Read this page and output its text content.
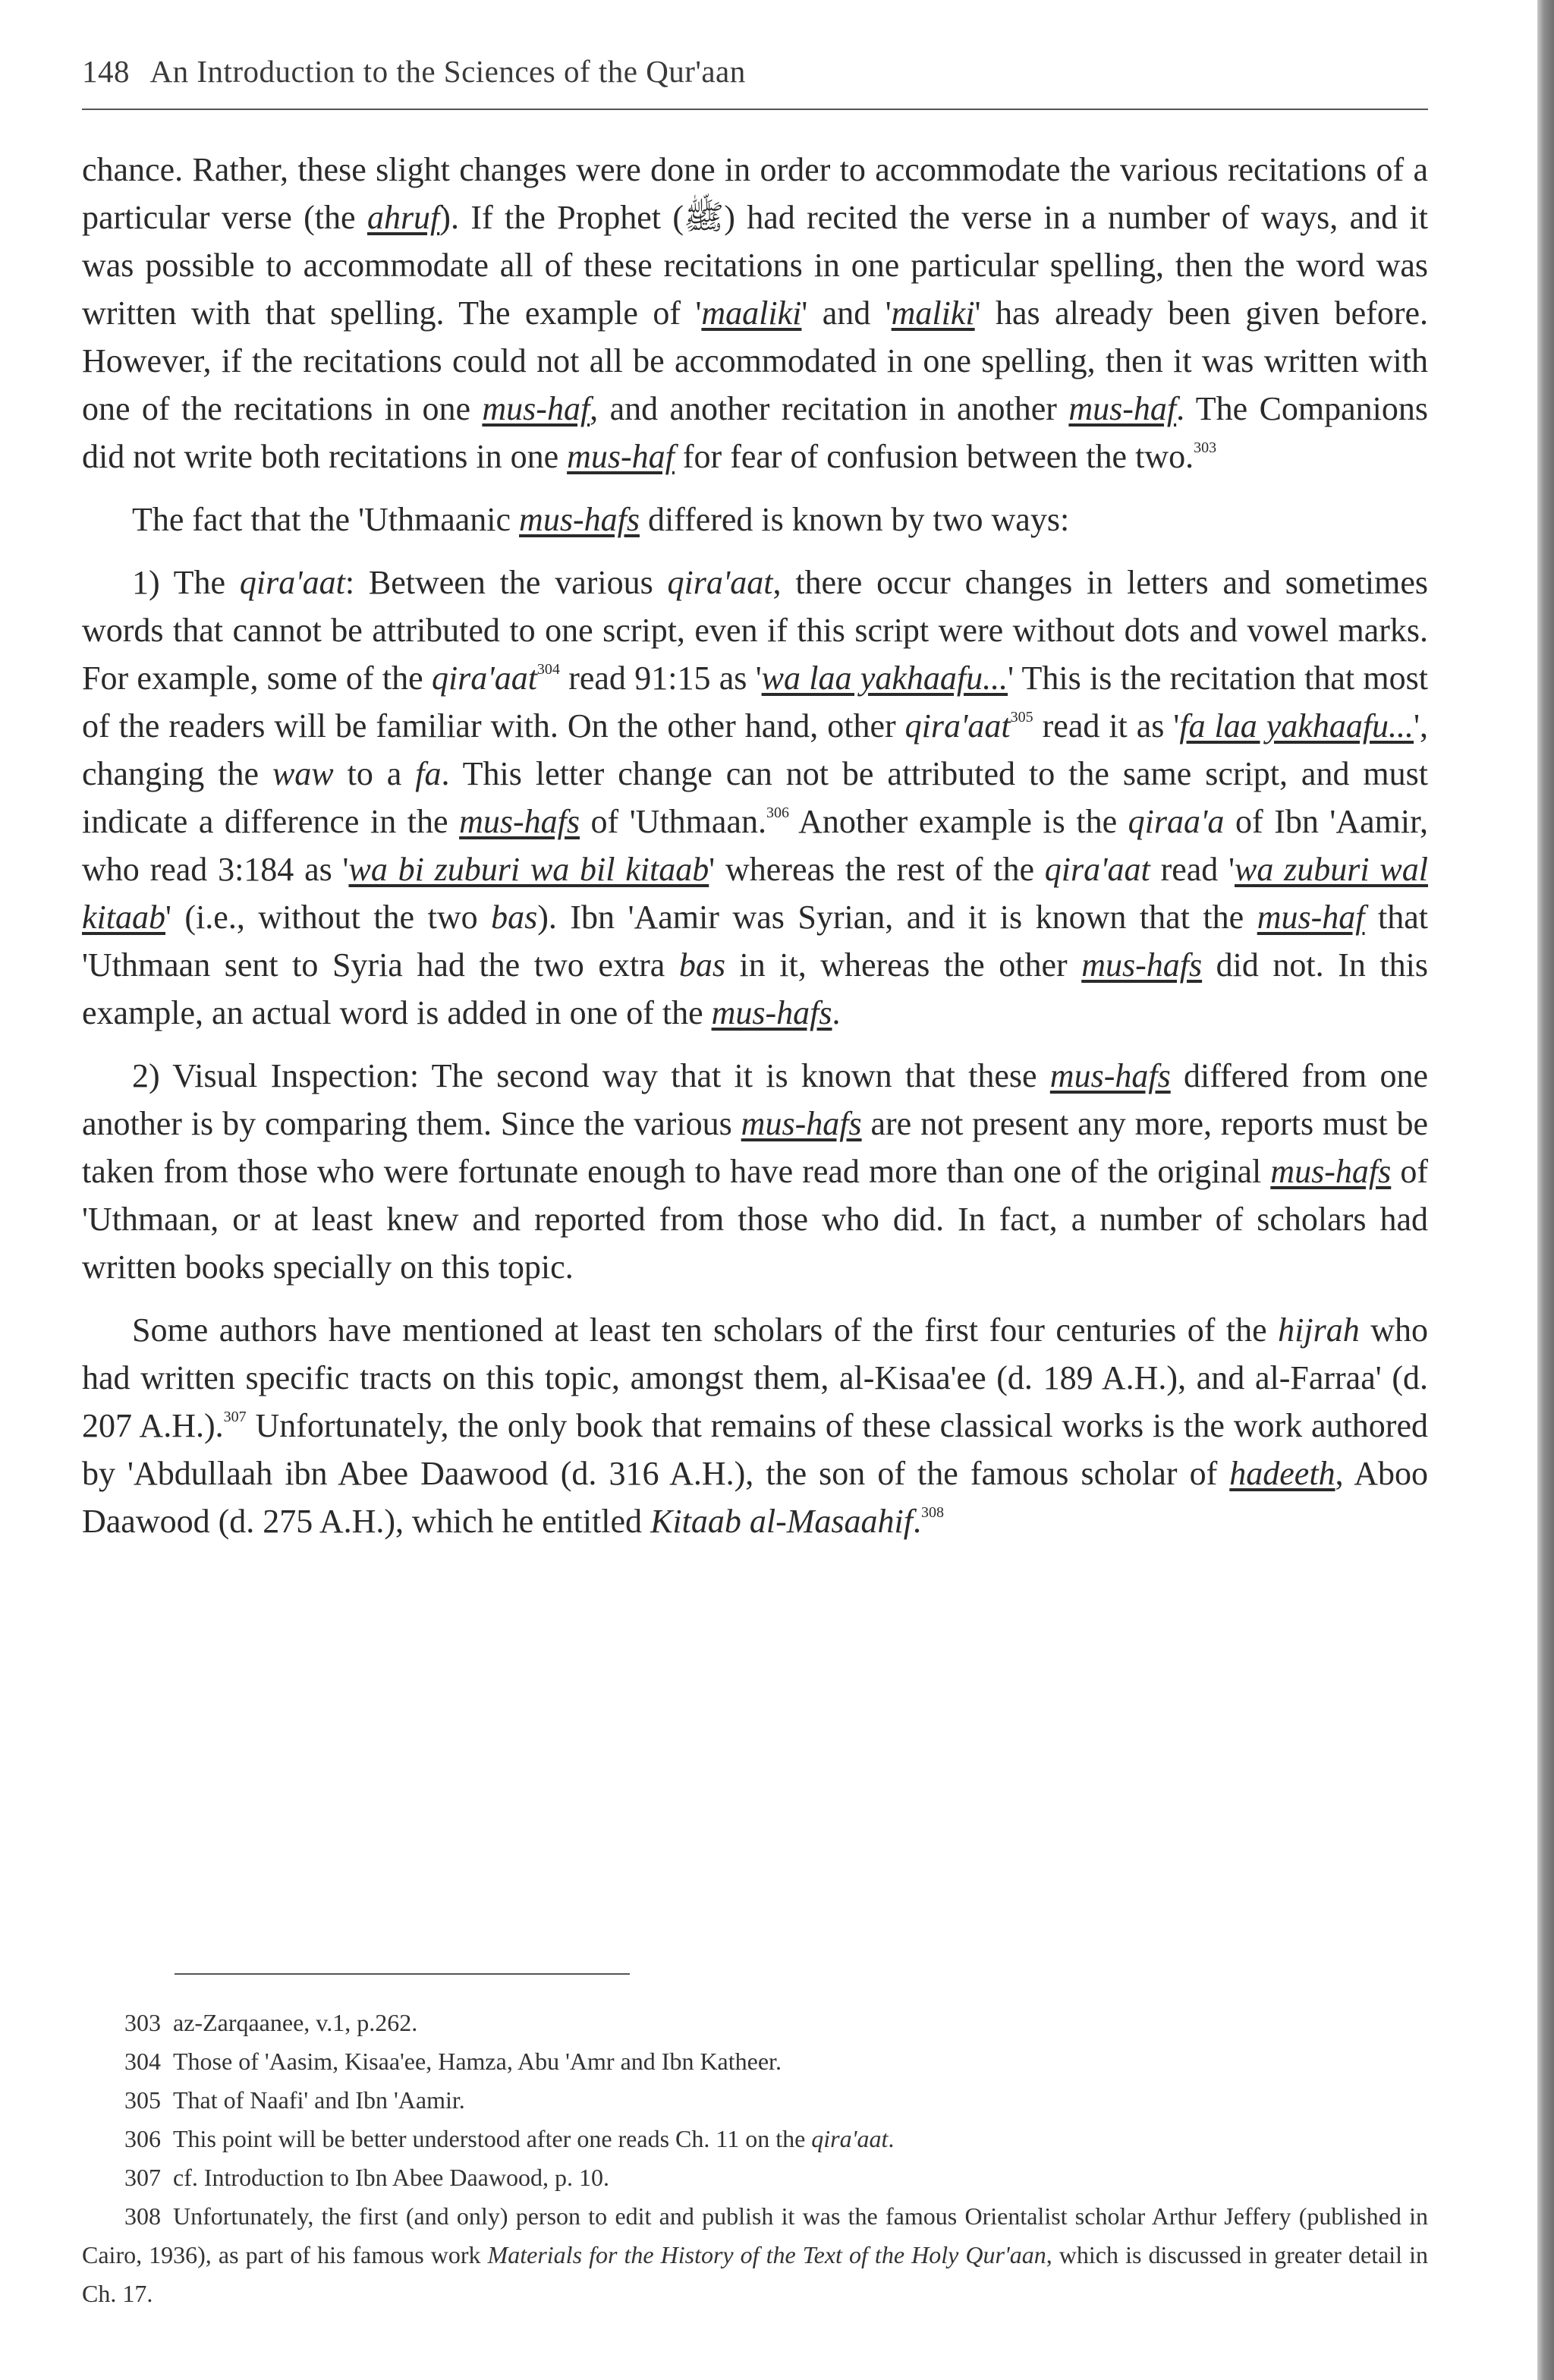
148 An Introduction to the Sciences of the Qur'aan

chance. Rather, these slight changes were done in order to accommodate the various recitations of a particular verse (the ahruf). If the Prophet (ﷺ) had recited the verse in a number of ways, and it was possible to accommodate all of these recitations in one particular spelling, then the word was written with that spelling. The example of 'maaliki' and 'maliki' has already been given before. However, if the recitations could not all be accommodated in one spelling, then it was written with one of the recitations in one mus-haf, and another recitation in another mus-haf. The Companions did not write both recitations in one mus-haf for fear of confusion between the two.$^{303}$

The fact that the 'Uthmaanic mus-hafs differed is known by two ways:

1) The qira'aat: Between the various qira'aat, there occur changes in letters and sometimes words that cannot be attributed to one script, even if this script were without dots and vowel marks. For example, some of the qira'aat$^{304}$ read 91:15 as 'wa laa yakhaafu...' This is the recitation that most of the readers will be familiar with. On the other hand, other qira'aat$^{305}$ read it as 'fa laa yakhaafu...', changing the waw to a fa. This letter change can not be attributed to the same script, and must indicate a difference in the mus-hafs of 'Uthmaan.$^{306}$ Another example is the qiraa'a of Ibn 'Aamir, who read 3:184 as 'wa bi zuburi wa bil kitaab' whereas the rest of the qira'aat read 'wa zuburi wal kitaab' (i.e., without the two bas). Ibn 'Aamir was Syrian, and it is known that the mus-haf that 'Uthmaan sent to Syria had the two extra bas in it, whereas the other mus-hafs did not. In this example, an actual word is added in one of the mus-hafs.

2) Visual Inspection: The second way that it is known that these mus-hafs differed from one another is by comparing them. Since the various mus-hafs are not present any more, reports must be taken from those who were fortunate enough to have read more than one of the original mus-hafs of 'Uthmaan, or at least knew and reported from those who did. In fact, a number of scholars had written books specially on this topic.

Some authors have mentioned at least ten scholars of the first four centuries of the hijrah who had written specific tracts on this topic, amongst them, al-Kisaa'ee (d. 189 A.H.), and al-Farraa' (d. 207 A.H.).$^{307}$ Unfortunately, the only book that remains of these classical works is the work authored by 'Abdullaah ibn Abee Daawood (d. 316 A.H.), the son of the famous scholar of hadeeth, Aboo Daawood (d. 275 A.H.), which he entitled Kitaab al-Masaahif.$^{308}$

303 az-Zarqaanee, v.1, p.262.

304 Those of 'Aasim, Kisaa'ee, Hamza, Abu 'Amr and Ibn Katheer.

305 That of Naafi' and Ibn 'Aamir.

306 This point will be better understood after one reads Ch. 11 on the qira'aat.

307 cf. Introduction to Ibn Abee Daawood, p. 10.

308 Unfortunately, the first (and only) person to edit and publish it was the famous Orientalist scholar Arthur Jeffery (published in Cairo, 1936), as part of his famous work Materials for the History of the Text of the Holy Qur'aan, which is discussed in greater detail in Ch. 17.
